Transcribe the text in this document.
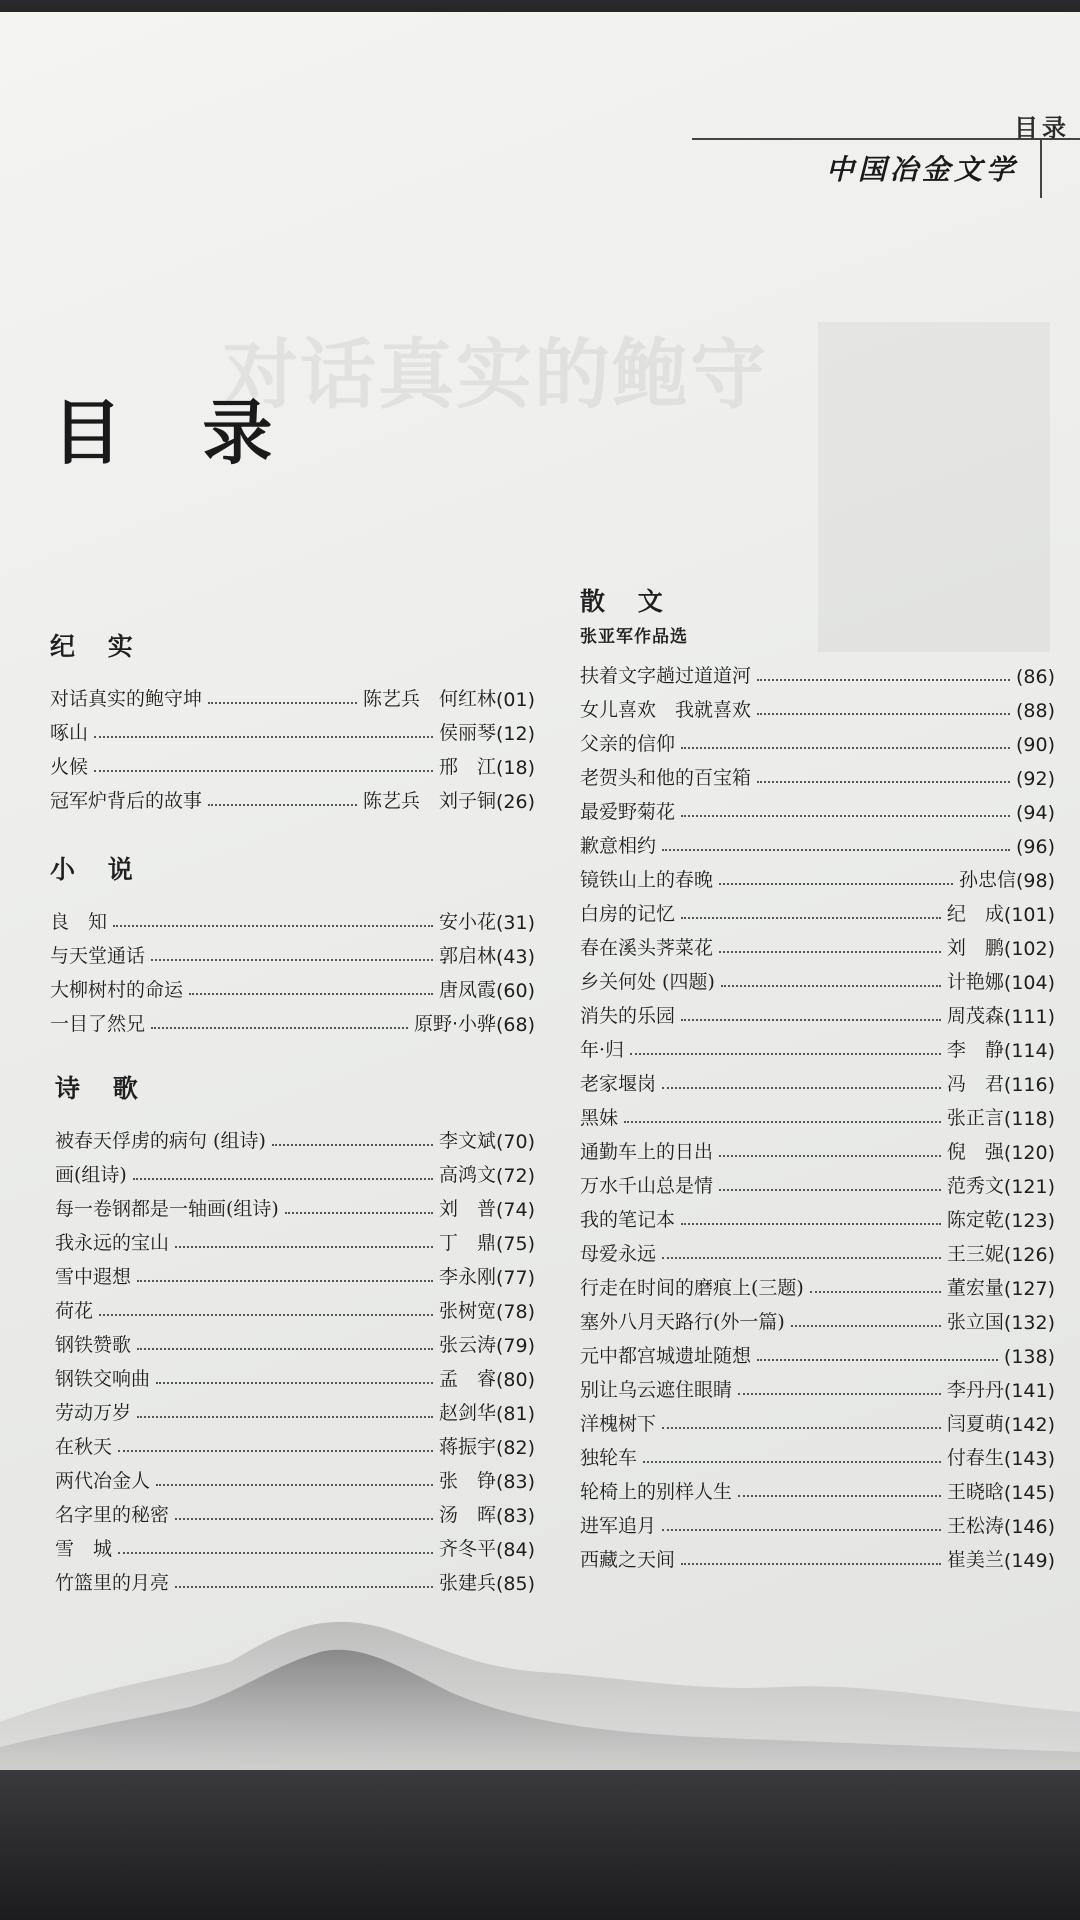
对话真实的鲍守
目录
中国冶金文学
目 录
纪 实
对话真实的鲍守坤	陈艺兵　何红林 (01)
啄山	侯丽琴 (12)
火候	邢　江 (18)
冠军炉背后的故事	陈艺兵　刘子铜 (26)
小 说
良　知	安小花 (31)
与天堂通话	郭启林 (43)
大柳树村的命运	唐凤霞 (60)
一目了然兄	原野·小骅 (68)
诗 歌
被春天俘虏的病句 (组诗)	李文斌 (70)
画(组诗)	高鸿文 (72)
每一卷钢都是一轴画(组诗)	刘　普 (74)
我永远的宝山	丁　鼎 (75)
雪中遐想	李永刚 (77)
荷花	张树宽 (78)
钢铁赞歌	张云涛 (79)
钢铁交响曲	孟　睿 (80)
劳动万岁	赵剑华 (81)
在秋天	蒋振宇 (82)
两代冶金人	张　铮 (83)
名字里的秘密	汤　晖 (83)
雪　城	齐冬平 (84)
竹篮里的月亮	张建兵 (85)
散 文
张亚军作品选
扶着文字趟过道道河	(86)
女儿喜欢　我就喜欢	(88)
父亲的信仰	(90)
老贺头和他的百宝箱	(92)
最爱野菊花	(94)
歉意相约	(96)
镜铁山上的春晚	孙忠信 (98)
白房的记忆	纪　成 (101)
春在溪头荠菜花	刘　鹏 (102)
乡关何处 (四题)	计艳娜 (104)
消失的乐园	周茂森 (111)
年·归	李　静 (114)
老家堰岗	冯　君 (116)
黑妹	张正言 (118)
通勤车上的日出	倪　强 (120)
万水千山总是情	范秀文 (121)
我的笔记本	陈定乾 (123)
母爱永远	王三妮 (126)
行走在时间的磨痕上(三题)	董宏量 (127)
塞外八月天路行(外一篇)	张立国 (132)
元中都宫城遗址随想	(138)
别让乌云遮住眼睛	李丹丹 (141)
洋槐树下	闫夏萌 (142)
独轮车	付春生 (143)
轮椅上的别样人生	王晓晗 (145)
进军追月	王松涛 (146)
西藏之天间	崔美兰 (149)
